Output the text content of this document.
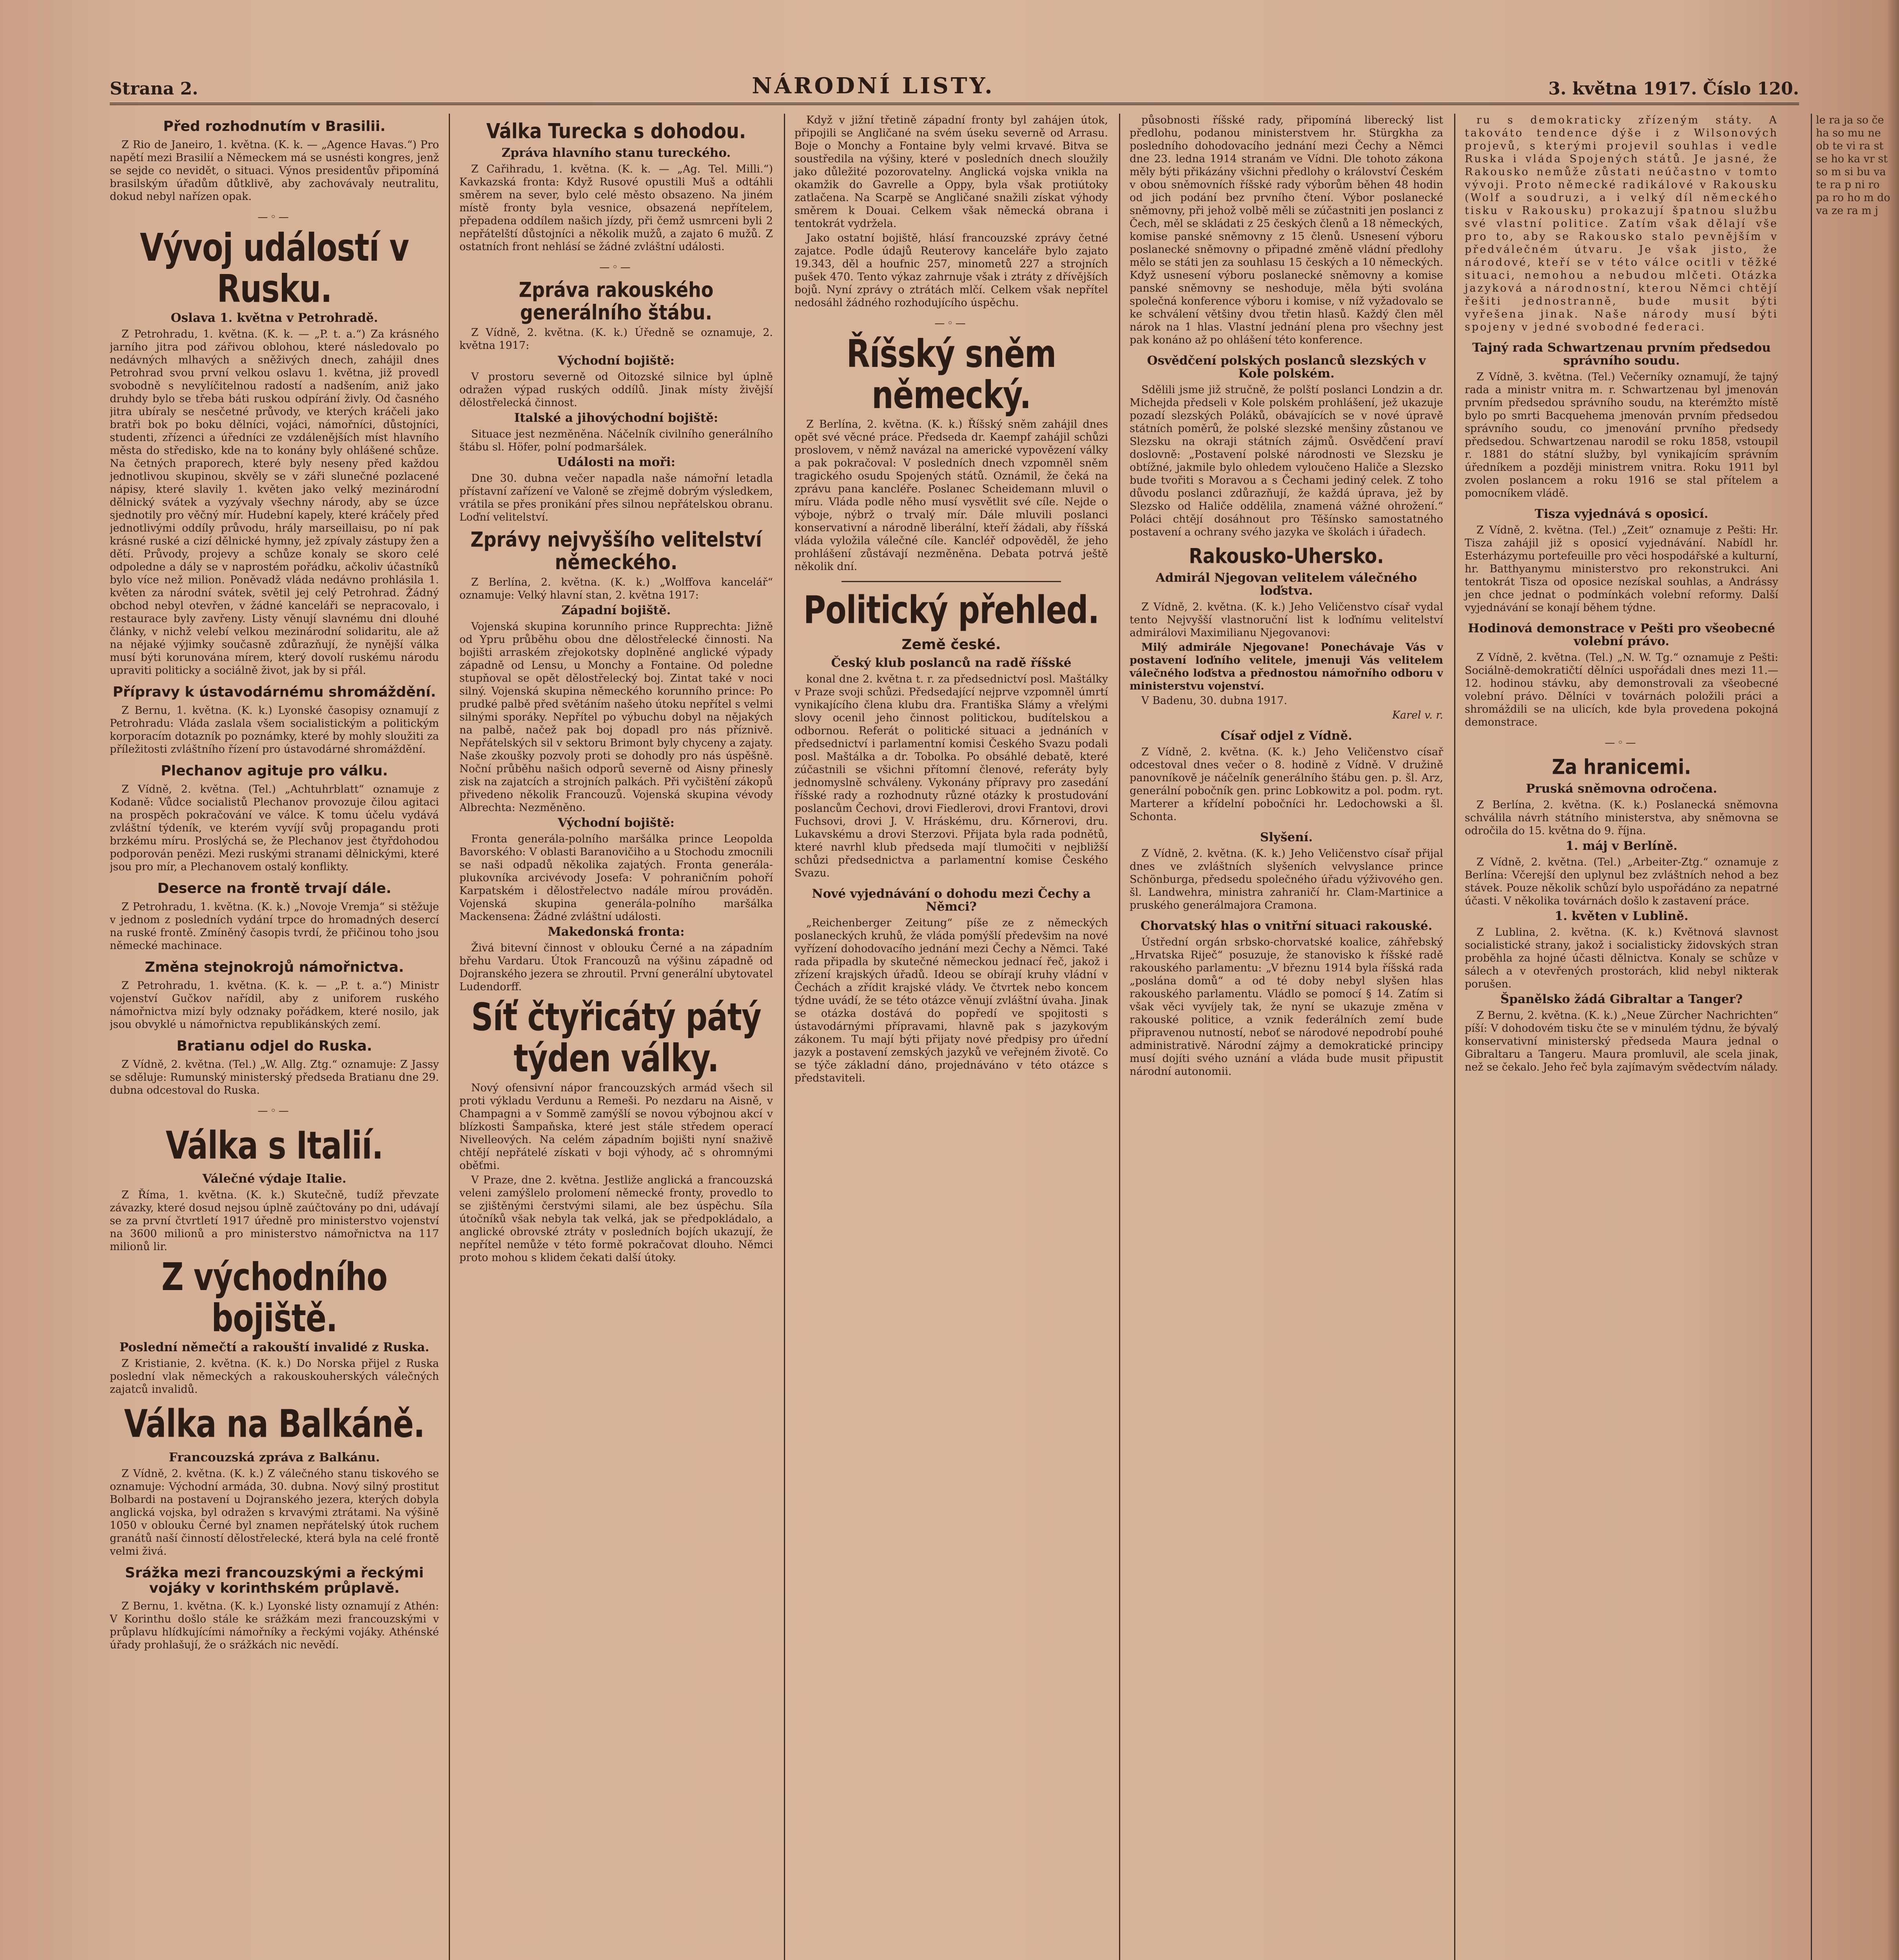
Strana 2.	NÁRODNÍ LISTY.	3. května 1917. Číslo 120.
Před rozhodnutím v Brasilii.
Z Rio de Janeiro, 1. května. (K. k. — „Agence Havas.“) Pro napětí mezi Brasilií a Německem má se usnésti kongres, jenž se sejde co nevidět, o situaci. Výnos presidentův připomíná brasilským úřadům důtklivě, aby zachovávaly neutralitu, dokud nebyl nařízen opak.
—◦—
Vývoj událostí v Rusku.
Oslava 1. května v Petrohradě.
Z Petrohradu, 1. května. (K. k. — „P. t. a.“) Za krásného jarního jitra pod zářivou oblohou, které následovalo po nedávných mlhavých a sněživých dnech, zahájil dnes Petrohrad svou první velkou oslavu 1. května, již provedl svobodně s nevylíčitelnou radostí a nadšením, aniž jako druhdy bylo se třeba báti ruskou odpírání živly. Od časného jitra ubíraly se nesčetné průvody, ve kterých kráčeli jako bratři bok po boku dělníci, vojáci, námořníci, důstojníci, studenti, zřízenci a úředníci ze vzdálenějších míst hlavního města do středisko, kde na to konány byly ohlášené schůze. Na četných praporech, které byly neseny před každou jednotlivou skupinou, skvěly se v záři slunečné pozlacené nápisy, které slavily 1. květen jako velký mezinárodní dělnický svátek a vyzývaly všechny národy, aby se úzce sjednotily pro věčný mír. Hudební kapely, které kráčely před jednotlivými oddíly průvodu, hrály marseillaisu, po ní pak krásné ruské a cizí dělnické hymny, jež zpívaly zástupy žen a dětí. Průvody, projevy a schůze konaly se skoro celé odpoledne a dály se v naprostém pořádku, ačkoliv účastníků bylo více než milion. Poněvadž vláda nedávno prohlásila 1. květen za národní svátek, světil jej celý Petrohrad. Žádný obchod nebyl otevřen, v žádné kanceláři se nepracovalo, i restaurace byly zavřeny. Listy věnují slavnému dni dlouhé články, v nichž velebí velkou mezinárodní solidaritu, ale až na nějaké výjimky současně zdůrazňují, že nynější válka musí býti korunována mírem, který dovolí ruskému národu upraviti politicky a sociálně život, jak by si přál.
Přípravy k ústavodárnému shromáždění.
Z Bernu, 1. května. (K. k.) Lyonské časopisy oznamují z Petrohradu: Vláda zaslala všem socialistickým a politickým korporacím dotazník po poznámky, které by mohly sloužiti za příležitosti zvláštního řízení pro ústavodárné shromáždění.
Plechanov agituje pro válku.
Z Vídně, 2. května. (Tel.) „Achtuhrblatt“ oznamuje z Kodaně: Vůdce socialistů Plechanov provozuje čilou agitaci na prospěch pokračování ve válce. K tomu účelu vydává zvláštní týdeník, ve kterém vyvíjí svůj propagandu proti brzkému míru. Proslýchá se, že Plechanov jest čtyřdohodou podporován penězi. Mezi ruskými stranami dělnickými, které jsou pro mír, a Plechanovem ostalý konflikty.
Deserce na frontě trvají dále.
Z Petrohradu, 1. května. (K. k.) „Novoje Vremja“ si stěžuje v jednom z posledních vydání trpce do hromadných desercí na ruské frontě. Zmíněný časopis tvrdí, že přičinou toho jsou německé machinace.
Změna stejnokrojů námořnictva.
Z Petrohradu, 1. května. (K. k. — „P. t. a.“) Ministr vojenství Gučkov nařídil, aby z uniforem ruského námořnictva mizí byly odznaky pořádkem, které nosilo, jak jsou obvyklé u námořnictva republikánských zemí.
Bratianu odjel do Ruska.
Z Vídně, 2. května. (Tel.) „W. Allg. Ztg.“ oznamuje: Z Jassy se sděluje: Rumunský ministerský předseda Bratianu dne 29. dubna odcestoval do Ruska.
—◦—
Válka s Italií.
Válečné výdaje Italie.
Z Říma, 1. května. (K. k.) Skutečně, tudíž převzate závazky, které dosud nejsou úplně zaúčtovány po dni, udávají se za první čtvrtletí 1917 úředně pro ministerstvo vojenství na 3600 milionů a pro ministerstvo námořnictva na 117 milionů lir.
Z východního bojiště.
Poslední němečtí a rakouští invalidé z Ruska.
Z Kristianie, 2. května. (K. k.) Do Norska přijel z Ruska poslední vlak německých a rakouskouherských válečných zajatců invalidů.
Válka na Balkáně.
Francouzská zpráva z Balkánu.
Z Vídně, 2. května. (K. k.) Z válečného stanu tiskového se oznamuje: Východní armáda, 30. dubna. Nový silný prostitut Bolbardi na postavení u Dojranského jezera, kterých dobyla anglická vojska, byl odražen s krvavými ztrátami. Na výšině 1050 v oblouku Černé byl znamen nepřátelský útok ruchem granátů naší činností dělostřelecké, která byla na celé frontě velmi živá.
Srážka mezi francouzskými a řeckými vojáky v korinthském průplavě.
Z Bernu, 1. května. (K. k.) Lyonské listy oznamují z Athén: V Korinthu došlo stále ke srážkám mezi francouzskými v průplavu hlídkujícími námořníky a řeckými vojáky. Athénské úřady prohlašují, že o srážkách nic nevědí.
Válka Turecka s dohodou.
Zpráva hlavního stanu tureckého.
Z Cařihradu, 1. května. (K. k. — „Ag. Tel. Milli.“) Kavkazská fronta: Když Rusové opustili Muš a odtáhli směrem na sever, bylo celé město obsazeno. Na jiném místě fronty byla vesnice, obsazená nepřítelem, přepadena oddílem našich jízdy, při čemž usmrceni byli 2 nepřátelští důstojníci a několik mužů, a zajato 6 mužů. Z ostatních front nehlásí se žádné zvláštní události.
—◦—
Zpráva rakouského generálního štábu.
Z Vídně, 2. května. (K. k.) Úředně se oznamuje, 2. května 1917:
Východní bojiště:
V prostoru severně od Oitozské silnice byl úplně odražen výpad ruských oddílů. Jinak místy živější dělostřelecká činnost.
Italské a jihovýchodní bojiště:
Situace jest nezměněna. Náčelník civilního generálního štábu sl. Höfer, polní podmaršálek.
Události na moři:
Dne 30. dubna večer napadla naše námořní letadla přístavní zařízení ve Valoně se zřejmě dobrým výsledkem, vrátila se přes pronikání přes silnou nepřátelskou obranu. Loďní velitelství.
Zprávy nejvyššího velitelství německého.
Z Berlína, 2. května. (K. k.) „Wolffova kancelář“ oznamuje: Velký hlavní stan, 2. května 1917:
Západní bojiště.
Vojenská skupina korunního prince Rupprechta: Jižně od Ypru průběhu obou dne dělostřelecké činnosti. Na bojišti arraském zřejokotsky doplněné anglické výpady západně od Lensu, u Monchy a Fontaine. Od poledne stupňoval se opět dělostřelecký boj. Zintat také v noci silný. Vojenská skupina německého korunního prince: Po prudké palbě před světáním našeho útoku nepřítel s velmi silnými sporáky. Nepřítel po výbuchu dobyl na nějakých na palbě, načež pak boj dopadl pro nás příznivě. Nepřátelských sil v sektoru Brimont byly chyceny a zajaty. Naše zkoušky pozvoly proti se dohodly pro nás úspěšně. Noční průběhu našich odporů severně od Aisny přinesly zisk na zajatcích a strojních palkách. Při vyčištění zákopů přivedeno několik Francouzů. Vojenská skupina vévody Albrechta: Nezměněno.
Východní bojiště:
Fronta generála-polního maršálka prince Leopolda Bavorského: V oblasti Baranovičiho a u Stochodu zmocnili se naši odpadů několika zajatých. Fronta generála-plukovníka arcivévody Josefa: V pohraničním pohoří Karpatském i dělostřelectvo nadále mírou prováděn. Vojenská skupina generála-polního maršálka Mackensena: Žádné zvláštní události.
Makedonská fronta:
Živá bitevní činnost v oblouku Černé a na západním břehu Vardaru. Útok Francouzů na výšinu západně od Dojranského jezera se zhroutil. První generální ubytovatel Ludendorff.
Síť čtyřicátý pátý týden války.
Nový ofensivní nápor francouzských armád všech sil proti výkladu Verdunu a Remeši. Po nezdaru na Aisně, v Champagni a v Sommě zamýšlí se novou výbojnou akcí v blízkosti Šampaňska, které jest stále středem operací Nivelleových. Na celém západním bojišti nyní snaživě chtějí nepřátelé získati v boji výhody, ač s ohromnými oběťmi.
V Praze, dne 2. května. Jestliže anglická a francouzská veleni zamýšlelo prolomení německé fronty, provedlo to se zjištěnými čerstvými silami, ale bez úspěchu. Síla útočníků však nebyla tak velká, jak se předpokládalo, a anglické obrovské ztráty v posledních bojích ukazují, že nepřítel nemůže v této formě pokračovat dlouho. Němci proto mohou s klidem čekati další útoky.
Když v jižní třetině západní fronty byl zahájen útok, připojili se Angličané na svém úseku severně od Arrasu. Boje o Monchy a Fontaine byly velmi krvavé. Bitva se soustředila na výšiny, které v posledních dnech sloužily jako důležité pozorovatelny. Anglická vojska vnikla na okamžik do Gavrelle a Oppy, byla však protiútoky zatlačena. Na Scarpě se Angličané snažili získat výhody směrem k Douai. Celkem však německá obrana i tentokrát vydržela.
Jako ostatní bojiště, hlásí francouzské zprávy četné zajatce. Podle údajů Reuterovy kanceláře bylo zajato 19.343, děl a houfnic 257, minometů 227 a strojních pušek 470. Tento výkaz zahrnuje však i ztráty z dřívějších bojů. Nyní zprávy o ztrátách mlčí. Celkem však nepřítel nedosáhl žádného rozhodujícího úspěchu.
—◦—
Říšský sněm německý.
Z Berlína, 2. května. (K. k.) Říšský sněm zahájil dnes opět své věcné práce. Předseda dr. Kaempf zahájil schůzi proslovem, v němž navázal na americké vypovězení války a pak pokračoval: V posledních dnech vzpomněl sněm tragického osudu Spojených států. Oznámil, že čeká na zprávu pana kancléře. Poslanec Scheidemann mluvil o míru. Vláda podle něho musí vysvětlit své cíle. Nejde o výboje, nýbrž o trvalý mír. Dále mluvili poslanci konservativní a národně liberální, kteří žádali, aby říšská vláda vyložila válečné cíle. Kancléř odpověděl, že jeho prohlášení zůstávají nezměněna. Debata potrvá ještě několik dní.
Politický přehled.
Země české.
Český klub poslanců na radě říšské
konal dne 2. května t. r. za předsednictví posl. Maštálky v Praze svoji schůzi. Předsedající nejprve vzpomněl úmrtí vynikajícího člena klubu dra. Františka Slámy a vřelými slovy ocenil jeho činnost politickou, budítelskou a odbornou. Referát o politické situaci a jednáních v předsednictví i parlamentní komisi Českého Svazu podali posl. Maštálka a dr. Tobolka. Po obsáhlé debatě, které zúčastnili se všichni přítomní členové, referáty byly jednomyslně schváleny. Vykonány přípravy pro zasedání říšské rady a rozhodnuty různé otázky k prostudování poslancům Čechovi, drovi Fiedlerovi, drovi Frantovi, drovi Fuchsovi, drovi J. V. Hráskému, dru. Kőrnerovi, dru. Lukavskému a drovi Sterzovi. Přijata byla rada podnětů, které navrhl klub předseda mají tlumočiti v nejbližší schůzi předsednictva a parlamentní komise Českého Svazu.
Nové vyjednávání o dohodu mezi Čechy a Němci?
„Reichenberger Zeitung“ píše ze z německých poslaneckých kruhů, že vláda pomýšlí předevšim na nové vyřízení dohodovacího jednání mezi Čechy a Němci. Také rada připadla by skutečné německou jednací řeč, jakož i zřízení krajských úřadů. Ideou se obírají kruhy vládní v Čechách a zřídit krajské vlády. Ve čtvrtek nebo koncem týdne uvádí, že se této otázce věnují zvláštní úvaha. Jinak se otázka dostává do popředí ve spojitosti s ústavodárnými přípravami, hlavně pak s jazykovým zákonem. Tu mají býti přijaty nové předpisy pro úřední jazyk a postavení zemských jazyků ve veřejném životě. Co se týče základní dáno, projednáváno v této otázce s představiteli.
působnosti říšské rady, připomíná liberecký list předlohu, podanou ministerstvem hr. Stürgkha za posledního dohodovacího jednání mezi Čechy a Němci dne 23. ledna 1914 stranám ve Vídni. Dle tohoto zákona měly býti přikázány všichni předlohy o království Českém v obou sněmovních říšské rady výborům běhen 48 hodin od jich podání bez prvního čtení. Výbor poslanecké sněmovny, při jehož volbě měli se zúčastniti jen poslanci z Čech, měl se skládati z 25 českých členů a 18 německých, komise panské sněmovny z 15 členů. Usnesení výboru poslanecké sněmovny o připadné změně vládní předlohy mělo se státi jen za souhlasu 15 českých a 10 německých. Když usnesení výboru poslanecké sněmovny a komise panské sněmovny se neshoduje, měla býti svolána společná konference výboru i komise, v níž vyžadovalo se ke schválení většiny dvou třetin hlasů. Každý člen měl nárok na 1 hlas. Vlastní jednání plena pro všechny jest pak konáno až po ohlášení této konference.
Osvědčení polských poslanců slezských v Kole polském.
Sdělili jsme již stručně, že polští poslanci Londzin a dr. Michejda předseli v Kole polském prohlášení, jež ukazuje pozadí slezských Poláků, obávajících se v nové úpravě státních poměrů, že polské slezské menšiny zůstanou ve Slezsku na okraji státních zájmů. Osvědčení praví doslovně: „Postavení polské národnosti ve Slezsku je obtížné, jakmile bylo ohledem vyloučeno Haliče a Slezsko bude tvořiti s Moravou a s Čechami jediný celek. Z toho důvodu poslanci zdůrazňují, že každá úprava, jež by Slezsko od Haliče oddělila, znamená vážné ohrožení.“ Poláci chtějí dosáhnout pro Těšínsko samostatného postavení a ochrany svého jazyka ve školách i úřadech.
Rakousko-Uhersko.
Admirál Njegovan velitelem válečného loďstva.
Z Vídně, 2. května. (K. k.) Jeho Veličenstvo císař vydal tento Nejvyšší vlastnoruční list k loďnímu velitelství admirálovi Maximilianu Njegovanovi:
Milý admirále Njegovane! Ponechávaje Vás v postavení loďního velitele, jmenuji Vás velitelem válečného loďstva a přednostou námořního odboru v ministerstvu vojenství.
V Badenu, 30. dubna 1917.
Karel v. r.
Císař odjel z Vídně.
Z Vídně, 2. května. (K. k.) Jeho Veličenstvo císař odcestoval dnes večer o 8. hodině z Vídně. V družině panovníkově je náčelník generálního štábu gen. p. šl. Arz, generální pobočník gen. princ Lobkowitz a pol. podm. ryt. Marterer a křídelní pobočníci hr. Ledochowski a šl. Schonta.
Slyšení.
Z Vídně, 2. května. (K. k.) Jeho Veličenstvo císař přijal dnes ve zvláštních slyšeních velvyslance prince Schönburga, předsedu společného úřadu výživového gen. šl. Landwehra, ministra zahraničí hr. Clam-Martinice a pruského generálmajora Cramona.
Chorvatský hlas o vnitřní situaci rakouské.
Ústřední orgán srbsko-chorvatské koalice, záhřebský „Hrvatska Riječ“ posuzuje, že stanovisko k říšské radě rakouského parlamentu: „V březnu 1914 byla říšská rada „poslána domů“ a od té doby nebyl slyšen hlas rakouského parlamentu. Vládlo se pomocí § 14. Zatím si však věci vyvíjely tak, že nyní se ukazuje změna v rakouské politice, a vznik federálních zemí bude připravenou nutností, neboť se národové nepodrobí pouhé administrativě. Národní zájmy a demokratické principy musí dojíti svého uznání a vláda bude musit připustit národní autonomii.
ru s demokraticky zřízeným státy. A takováto tendence dýše i z Wilsonových projevů, s kterými projevil souhlas i vedle Ruska i vláda Spojených států. Je jasné, že Rakousko nemůže zůstati neúčastno v tomto vývoji. Proto německé radikálové v Rakousku (Wolf a soudruzi, a i velký díl německého tisku v Rakousku) prokazují špatnou službu své vlastní politice. Zatím však dělají vše pro to, aby se Rakousko stalo pevnějším v předválečném útvaru. Je však jisto, že národové, kteří se v této válce ocitli v těžké situaci, nemohou a nebudou mlčeti. Otázka jazyková a národnostní, kterou Němci chtějí řešiti jednostranně, bude musit býti vyřešena jinak. Naše národy musí býti spojeny v jedné svobodné federaci.
Tajný rada Schwartzenau prvním předsedou správního soudu.
Z Vídně, 3. května. (Tel.) Večerníky oznamují, že tajný rada a ministr vnitra m. r. Schwartzenau byl jmenován prvním předsedou správního soudu, na kterémžto místě bylo po smrti Bacquehema jmenován prvním předsedou správního soudu, co jmenování prvního předsedy předsedou. Schwartzenau narodil se roku 1858, vstoupil r. 1881 do státní služby, byl vynikajícím správním úředníkem a později ministrem vnitra. Roku 1911 byl zvolen poslancem a roku 1916 se stal přítelem a pomocníkem vládě.
Tisza vyjednává s oposicí.
Z Vídně, 2. května. (Tel.) „Zeit“ oznamuje z Pešti: Hr. Tisza zahájil již s oposicí vyjednávání. Nabídl hr. Esterházymu portefeuille pro věci hospodářské a kulturní, hr. Batthyanymu ministerstvo pro rekonstrukci. Ani tentokrát Tisza od oposice nezískal souhlas, a Andrássy jen chce jednat o podmínkách volební reformy. Další vyjednávání se konají během týdne.
Hodinová demonstrace v Pešti pro všeobecné volební právo.
Z Vídně, 2. května. (Tel.) „N. W. Tg.“ oznamuje z Pešti: Sociálně-demokratičtí dělníci uspořádali dnes mezi 11.—12. hodinou stávku, aby demonstrovali za všeobecné volební právo. Dělníci v továrnách položili práci a shromáždili se na ulicích, kde byla provedena pokojná demonstrace.
—◦—
Za hranicemi.
Pruská sněmovna odročena.
Z Berlína, 2. května. (K. k.) Poslanecká sněmovna schválila návrh státního ministerstva, aby sněmovna se odročila do 15. května do 9. října.
1. máj v Berlíně.
Z Vídně, 2. května. (Tel.) „Arbeiter-Ztg.“ oznamuje z Berlína: Včerejší den uplynul bez zvláštních nehod a bez stávek. Pouze několik schůzí bylo uspořádáno za nepatrné účasti. V několika továrnách došlo k zastavení práce.
1. květen v Lublině.
Z Lublina, 2. května. (K. k.) Květnová slavnost socialistické strany, jakož i socialisticky židovských stran proběhla za hojné účasti dělnictva. Konaly se schůze v sálech a v otevřených prostorách, klid nebyl nikterak porušen.
Španělsko žádá Gibraltar a Tanger?
Z Bernu, 2. května. (K. k.) „Neue Zürcher Nachrichten“ píší: V dohodovém tisku čte se v minulém týdnu, že bývalý konservativní ministerský předseda Maura jednal o Gibraltaru a Tangeru. Maura promluvil, ale scela jinak, než se čekalo. Jeho řeč byla zajímavým svědectvím nálady.
le ra ja so če ha so mu ne ob te vi ra st se ho ka vr st so m si bu va te ra p ni ro pa ro ho m do va ze ra m j
